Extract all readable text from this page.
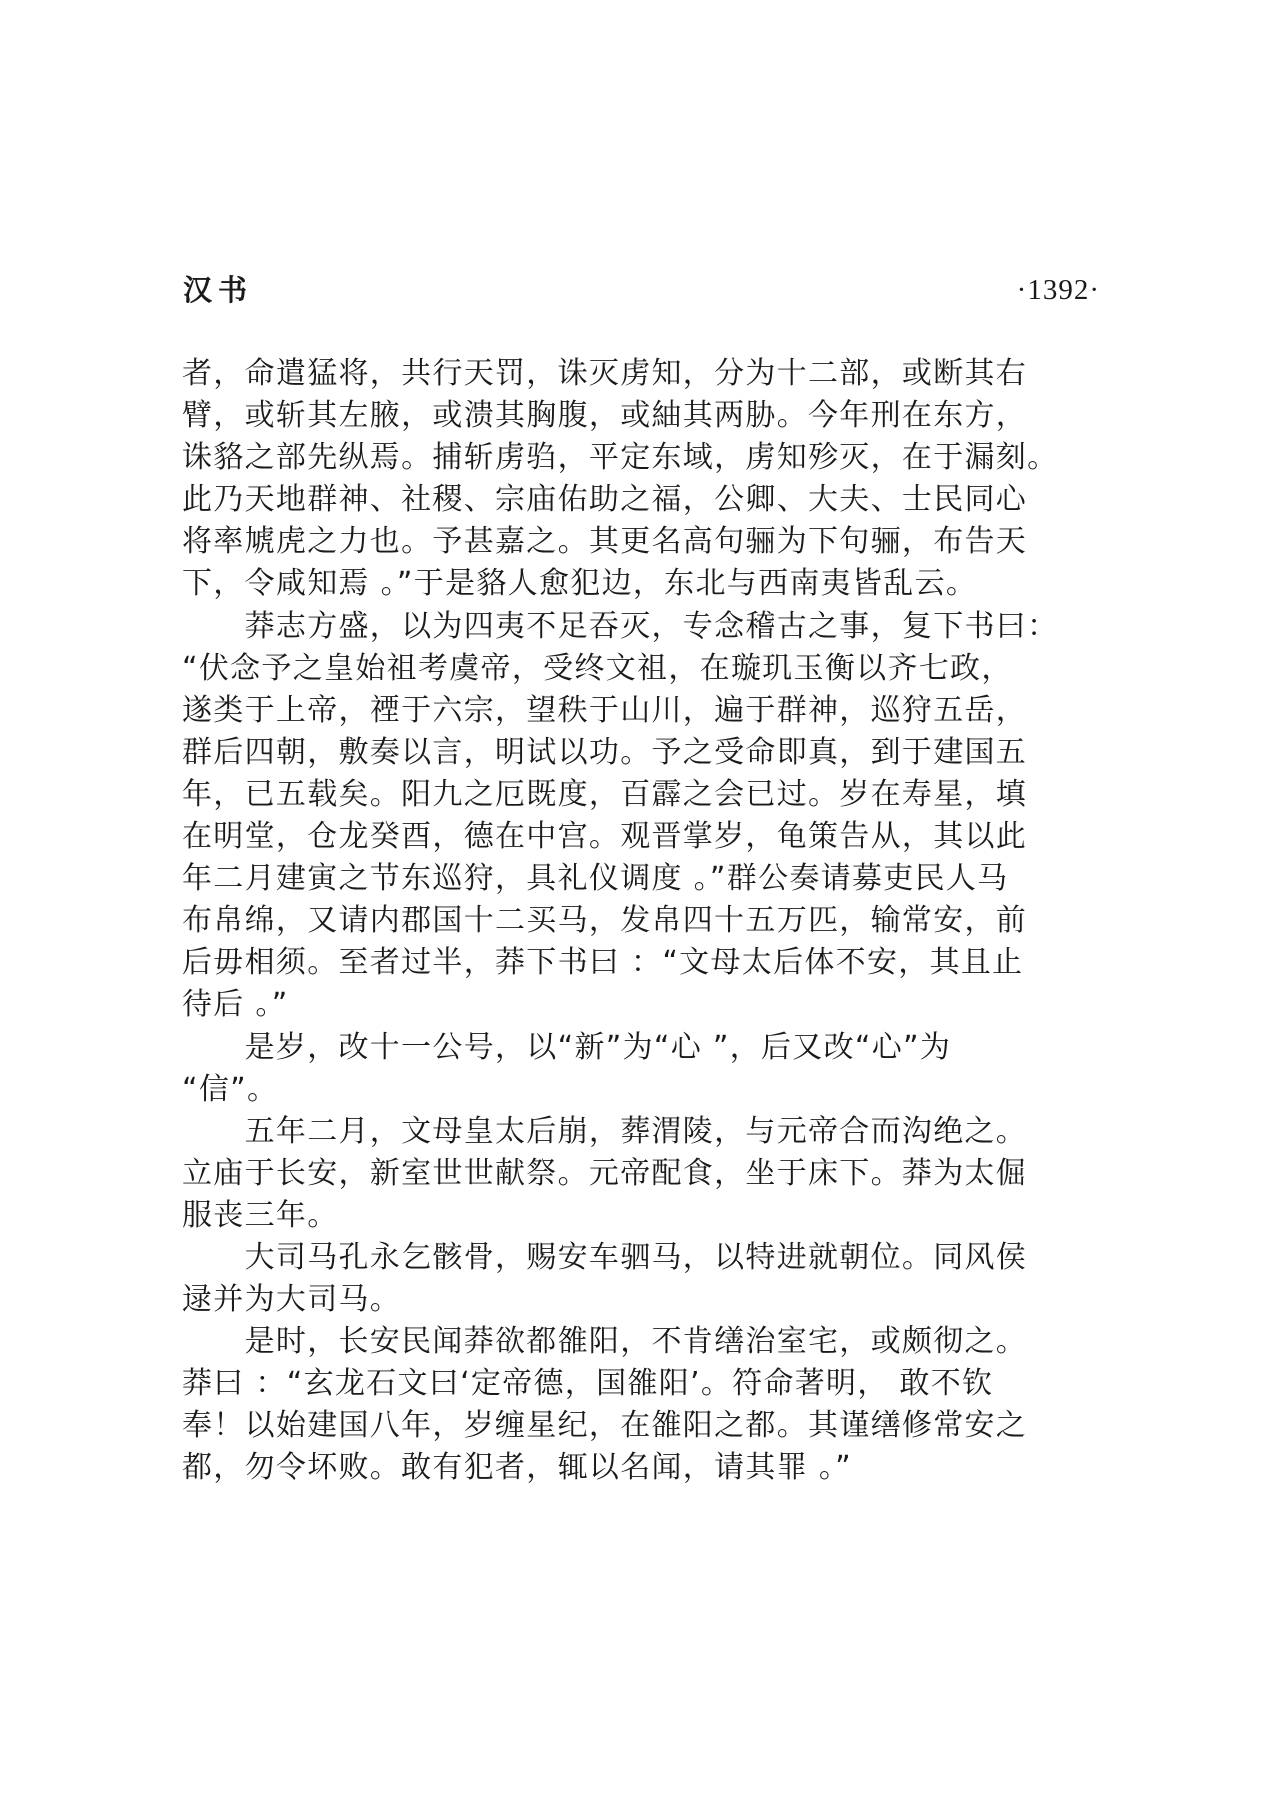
汉书	·1392·
者，命遣猛将，共行天罚，诛灭虏知，分为十二部，或断其右
臂，或斩其左腋，或溃其胸腹，或紬其两胁。今年刑在东方，
诛貉之部先纵焉。捕斩虏驺，平定东域，虏知殄灭，在于漏刻。
此乃天地群神、社稷、宗庙佑助之福，公卿、大夫、士民同心
将率虓虎之力也。予甚嘉之。其更名高句骊为下句骊，布告天
下，令咸知焉 。”于是貉人愈犯边，东北与西南夷皆乱云。
　　莽志方盛，以为四夷不足吞灭，专念稽古之事，复下书曰：
“伏念予之皇始祖考虞帝，受终文祖，在璇玑玉衡以齐七政，
遂类于上帝，禋于六宗，望秩于山川，遍于群神，巡狩五岳，
群后四朝，敷奏以言，明试以功。予之受命即真，到于建国五
年，已五载矣。阳九之厄既度，百霹之会已过。岁在寿星，填
在明堂，仓龙癸酉，德在中宫。观晋掌岁，龟策告从，其以此
年二月建寅之节东巡狩，具礼仪调度 。”群公奏请募吏民人马
布帛绵，又请内郡国十二买马，发帛四十五万匹，输常安，前
后毋相须。至者过半，莽下书曰 ：“文母太后体不安，其且止
待后 。”
　　是岁，改十一公号，以“新”为“心 ”，后又改“心”为
“信”。
　　五年二月，文母皇太后崩，葬渭陵，与元帝合而沟绝之。
立庙于长安，新室世世献祭。元帝配食，坐于床下。莽为太倔
服丧三年。
　　大司马孔永乞骸骨，赐安车驷马，以特进就朝位。同风侯
逯并为大司马。
　　是时，长安民闻莽欲都雒阳，不肯缮治室宅，或颇彻之。
莽曰 ：“玄龙石文曰‘定帝德，国雒阳’。符命著明， 敢不钦
奉！以始建国八年，岁缠星纪，在雒阳之都。其谨缮修常安之
都，勿令坏败。敢有犯者，辄以名闻，请其罪 。”
